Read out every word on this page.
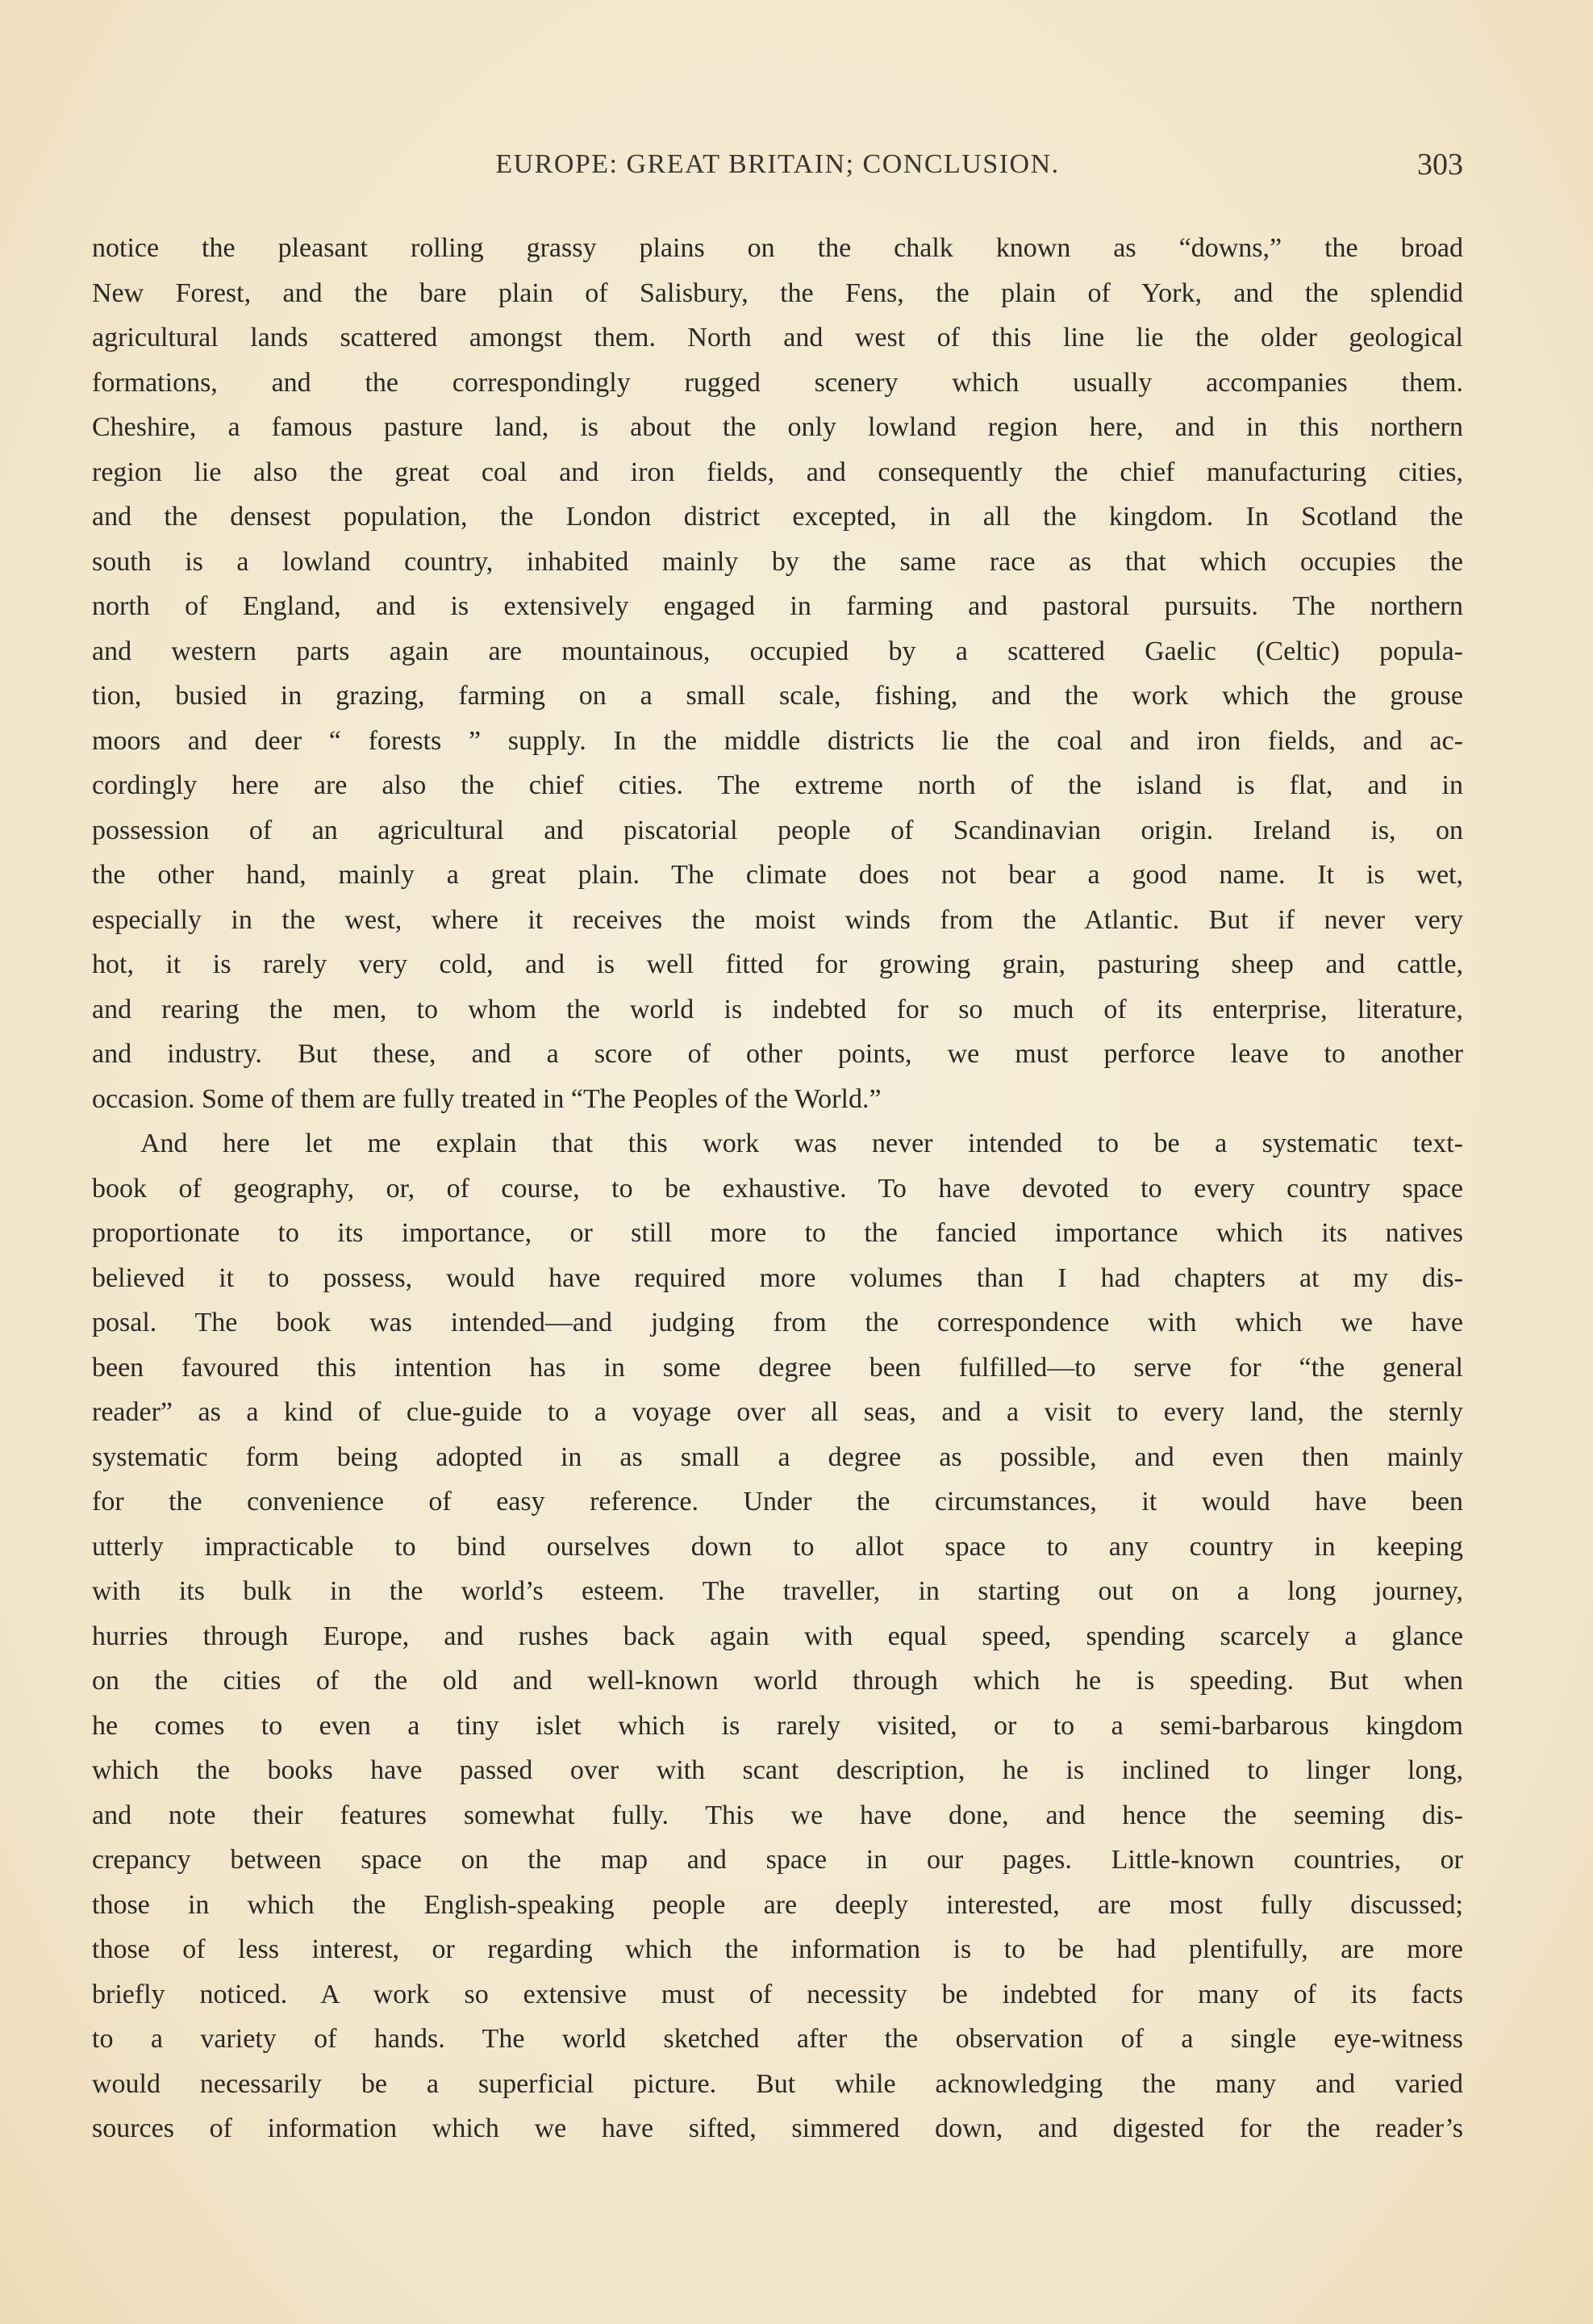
EUROPE: GREAT BRITAIN; CONCLUSION.	303
notice the pleasant rolling grassy plains on the chalk known as “downs,” the broad
New Forest, and the bare plain of Salisbury, the Fens, the plain of York, and the splendid
agricultural lands scattered amongst them. North and west of this line lie the older geological
formations, and the correspondingly rugged scenery which usually accompanies them.
Cheshire, a famous pasture land, is about the only lowland region here, and in this northern
region lie also the great coal and iron fields, and consequently the chief manufacturing cities,
and the densest population, the London district excepted, in all the kingdom. In Scotland the
south is a lowland country, inhabited mainly by the same race as that which occupies the
north of England, and is extensively engaged in farming and pastoral pursuits. The northern
and western parts again are mountainous, occupied by a scattered Gaelic (Celtic) popula-
tion, busied in grazing, farming on a small scale, fishing, and the work which the grouse
moors and deer “ forests ” supply. In the middle districts lie the coal and iron fields, and ac-
cordingly here are also the chief cities. The extreme north of the island is flat, and in
possession of an agricultural and piscatorial people of Scandinavian origin. Ireland is, on
the other hand, mainly a great plain. The climate does not bear a good name. It is wet,
especially in the west, where it receives the moist winds from the Atlantic. But if never very
hot, it is rarely very cold, and is well fitted for growing grain, pasturing sheep and cattle,
and rearing the men, to whom the world is indebted for so much of its enterprise, literature,
and industry. But these, and a score of other points, we must perforce leave to another
occasion. Some of them are fully treated in “The Peoples of the World.”
And here let me explain that this work was never intended to be a systematic text-
book of geography, or, of course, to be exhaustive. To have devoted to every country space
proportionate to its importance, or still more to the fancied importance which its natives
believed it to possess, would have required more volumes than I had chapters at my dis-
posal. The book was intended—and judging from the correspondence with which we have
been favoured this intention has in some degree been fulfilled—to serve for “the general
reader” as a kind of clue-guide to a voyage over all seas, and a visit to every land, the sternly
systematic form being adopted in as small a degree as possible, and even then mainly
for the convenience of easy reference. Under the circumstances, it would have been
utterly impracticable to bind ourselves down to allot space to any country in keeping
with its bulk in the world’s esteem. The traveller, in starting out on a long journey,
hurries through Europe, and rushes back again with equal speed, spending scarcely a glance
on the cities of the old and well-known world through which he is speeding. But when
he comes to even a tiny islet which is rarely visited, or to a semi-barbarous kingdom
which the books have passed over with scant description, he is inclined to linger long,
and note their features somewhat fully. This we have done, and hence the seeming dis-
crepancy between space on the map and space in our pages. Little-known countries, or
those in which the English-speaking people are deeply interested, are most fully discussed;
those of less interest, or regarding which the information is to be had plentifully, are more
briefly noticed. A work so extensive must of necessity be indebted for many of its facts
to a variety of hands. The world sketched after the observation of a single eye-witness
would necessarily be a superficial picture. But while acknowledging the many and varied
sources of information which we have sifted, simmered down, and digested for the reader’s
